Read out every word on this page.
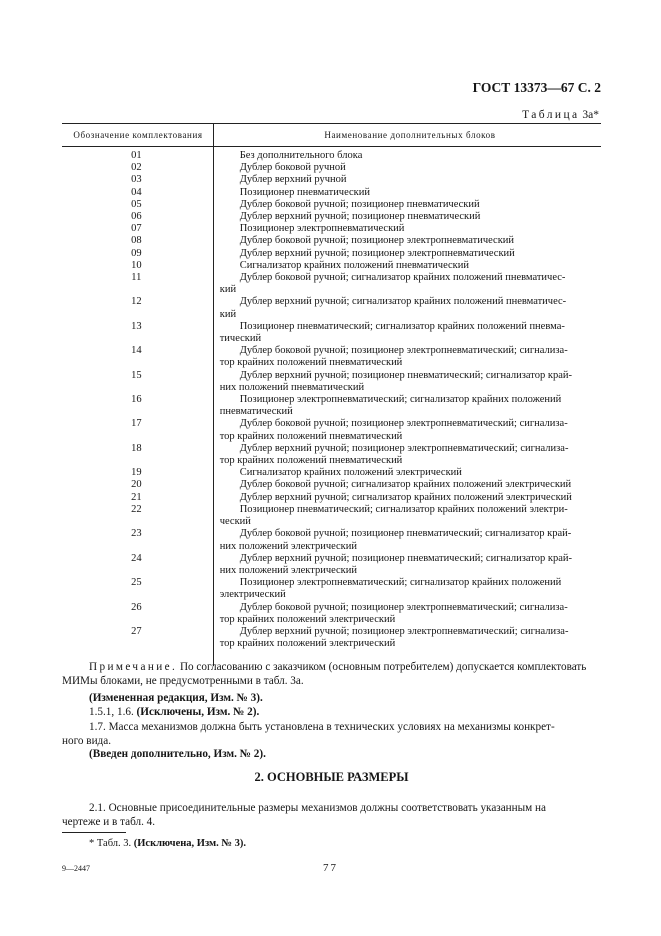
ГОСТ 13373—67 С. 2
Таблица 3а*
Обозначение комплектования	Наименование дополнительных блоков
01	Без дополнительного блока
02	Дублер боковой ручной
03	Дублер верхний ручной
04	Позиционер пневматический
05	Дублер боковой ручной; позиционер пневматический
06	Дублер верхний ручной; позиционер пневматический
07	Позиционер электропневматический
08	Дублер боковой ручной; позиционер электропневматический
09	Дублер верхний ручной; позиционер электропневматический
10	Сигнализатор крайних положений пневматический
11	Дублер боковой ручной; сигнализатор крайних положений пневматичес-
кий
12	Дублер верхний ручной; сигнализатор крайних положений пневматичес-
кий
13	Позиционер пневматический; сигнализатор крайних положений пневма-
тический
14	Дублер боковой ручной; позиционер электропневматический; сигнализа-
тор крайних положений пневматический
15	Дублер верхний ручной; позиционер пневматический; сигнализатор край-
них положений пневматический
16	Позиционер электропневматический; сигнализатор крайних положений
пневматический
17	Дублер боковой ручной; позиционер электропневматический; сигнализа-
тор крайних положений пневматический
18	Дублер верхний ручной; позиционер электропневматический; сигнализа-
тор крайних положений пневматический
19	Сигнализатор крайних положений электрический
20	Дублер боковой ручной; сигнализатор крайних положений электрический
21	Дублер верхний ручной; сигнализатор крайних положений электрический
22	Позиционер пневматический; сигнализатор крайних положений электри-
ческий
23	Дублер боковой ручной; позиционер пневматический; сигнализатор край-
них положений электрический
24	Дублер верхний ручной; позиционер пневматический; сигнализатор край-
них положений электрический
25	Позиционер электропневматический; сигнализатор крайних положений
электрический
26	Дублер боковой ручной; позиционер электропневматический; сигнализа-
тор крайних положений электрический
27	Дублер верхний ручной; позиционер электропневматический; сигнализа-
тор крайних положений электрический
Примечание. По согласованию с заказчиком (основным потребителем) допускается комплектовать
МИМы блоками, не предусмотренными в табл. 3а.
(Измененная редакция, Изм. № 3).
1.5.1, 1.6. (Исключены, Изм. № 2).
1.7. Масса механизмов должна быть установлена в технических условиях на механизмы конкрет-
ного вида.
(Введен дополнительно, Изм. № 2).
2. ОСНОВНЫЕ РАЗМЕРЫ
2.1. Основные присоединительные размеры механизмов должны соответствовать указанным на
чертеже и в табл. 4.
* Табл. 3. (Исключена, Изм. № 3).
9—2447	77
